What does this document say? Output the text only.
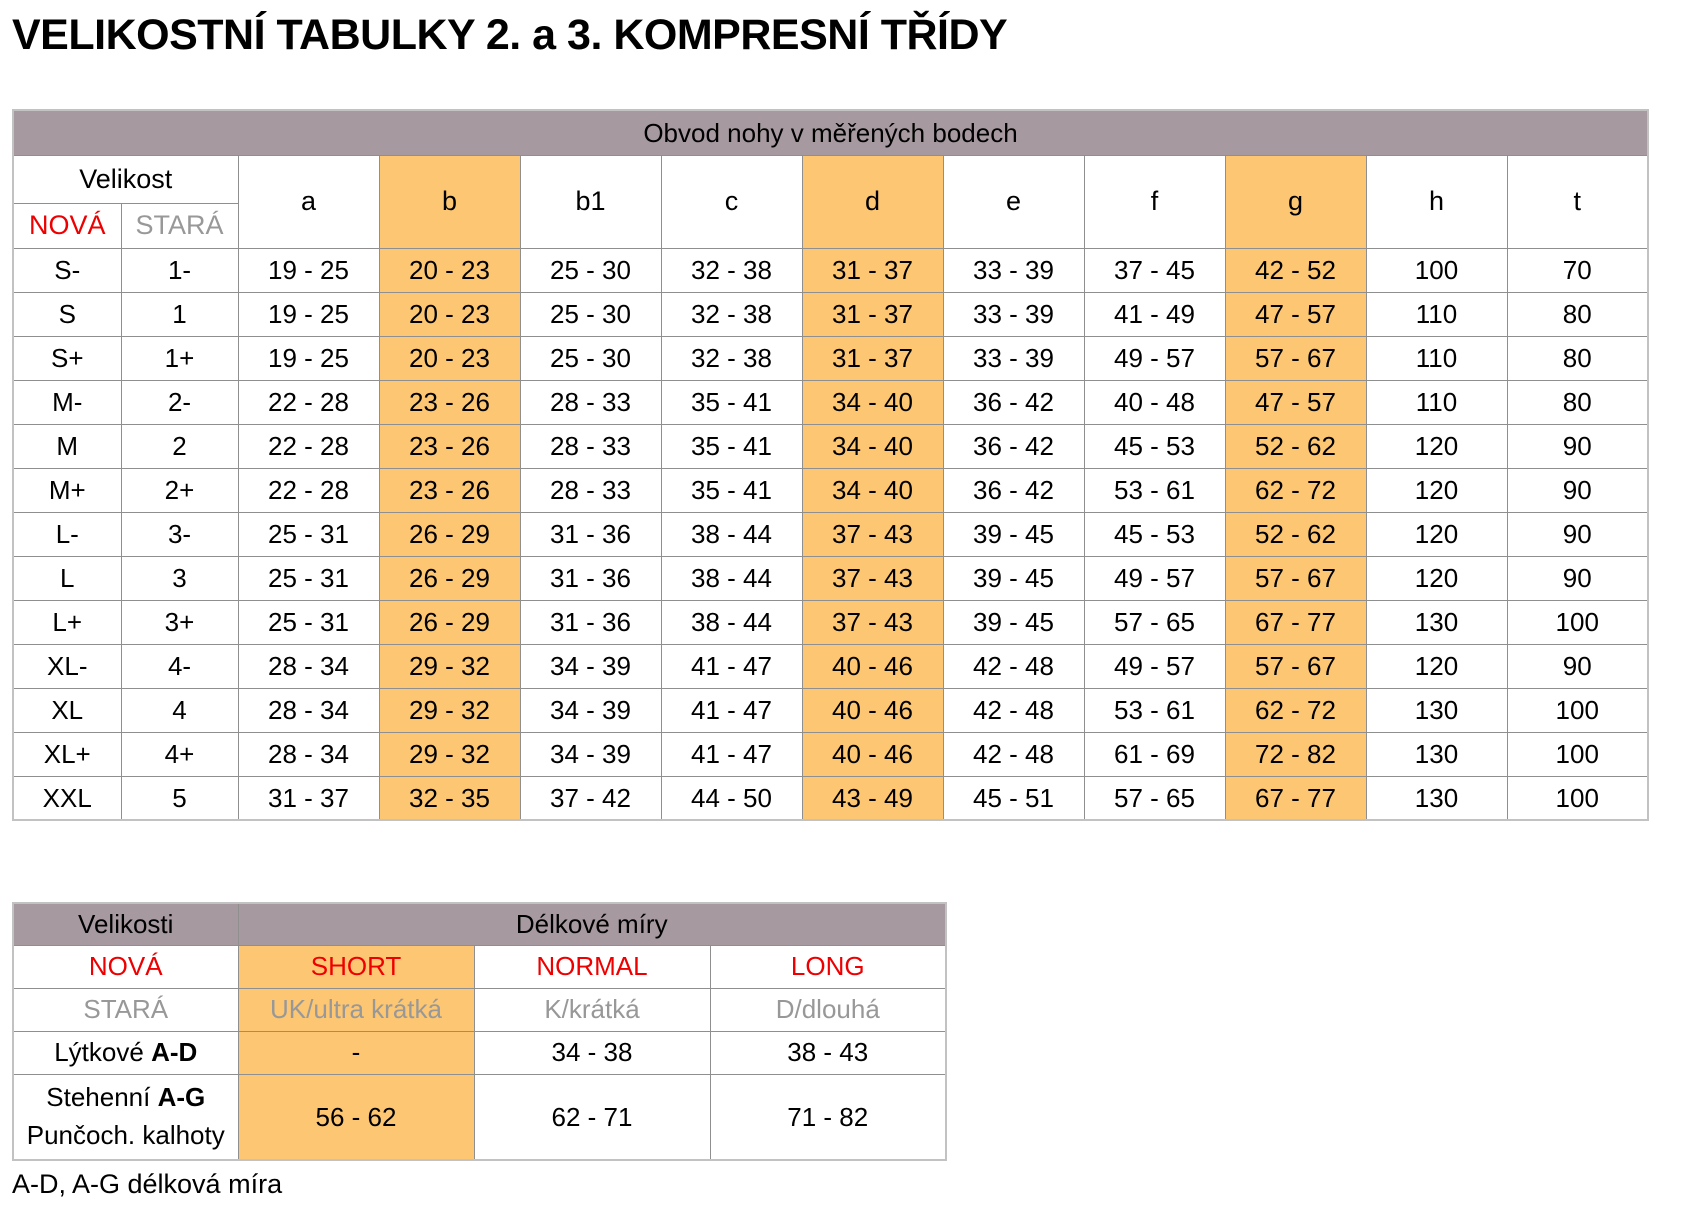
VELIKOSTNÍ TABULKY 2. a 3. KOMPRESNÍ TŘÍDY
Obvod nohy v měřených bodech											
Velikost		a	b	b1	c	d	e	f	g	h	t
NOVÁ	STARÁ										
S-	1-	19 - 25	20 - 23	25 - 30	32 - 38	31 - 37	33 - 39	37 - 45	42 - 52	100	70
S	1	19 - 25	20 - 23	25 - 30	32 - 38	31 - 37	33 - 39	41 - 49	47 - 57	110	80
S+	1+	19 - 25	20 - 23	25 - 30	32 - 38	31 - 37	33 - 39	49 - 57	57 - 67	110	80
M-	2-	22 - 28	23 - 26	28 - 33	35 - 41	34 - 40	36 - 42	40 - 48	47 - 57	110	80
M	2	22 - 28	23 - 26	28 - 33	35 - 41	34 - 40	36 - 42	45 - 53	52 - 62	120	90
M+	2+	22 - 28	23 - 26	28 - 33	35 - 41	34 - 40	36 - 42	53 - 61	62 - 72	120	90
L-	3-	25 - 31	26 - 29	31 - 36	38 - 44	37 - 43	39 - 45	45 - 53	52 - 62	120	90
L	3	25 - 31	26 - 29	31 - 36	38 - 44	37 - 43	39 - 45	49 - 57	57 - 67	120	90
L+	3+	25 - 31	26 - 29	31 - 36	38 - 44	37 - 43	39 - 45	57 - 65	67 - 77	130	100
XL-	4-	28 - 34	29 - 32	34 - 39	41 - 47	40 - 46	42 - 48	49 - 57	57 - 67	120	90
XL	4	28 - 34	29 - 32	34 - 39	41 - 47	40 - 46	42 - 48	53 - 61	62 - 72	130	100
XL+	4+	28 - 34	29 - 32	34 - 39	41 - 47	40 - 46	42 - 48	61 - 69	72 - 82	130	100
XXL	5	31 - 37	32 - 35	37 - 42	44 - 50	43 - 49	45 - 51	57 - 65	67 - 77	130	100
Velikosti	Délkové míry		
NOVÁ	SHORT	NORMAL	LONG
STARÁ	UK/ultra krátká	K/krátká	D/dlouhá
Lýtkové A-D	-	34 - 38	38 - 43

Stehenní A-G
Punčoch. kalhoty	56 - 62	62 - 71	71 - 82
A-D, A-G délková míra
